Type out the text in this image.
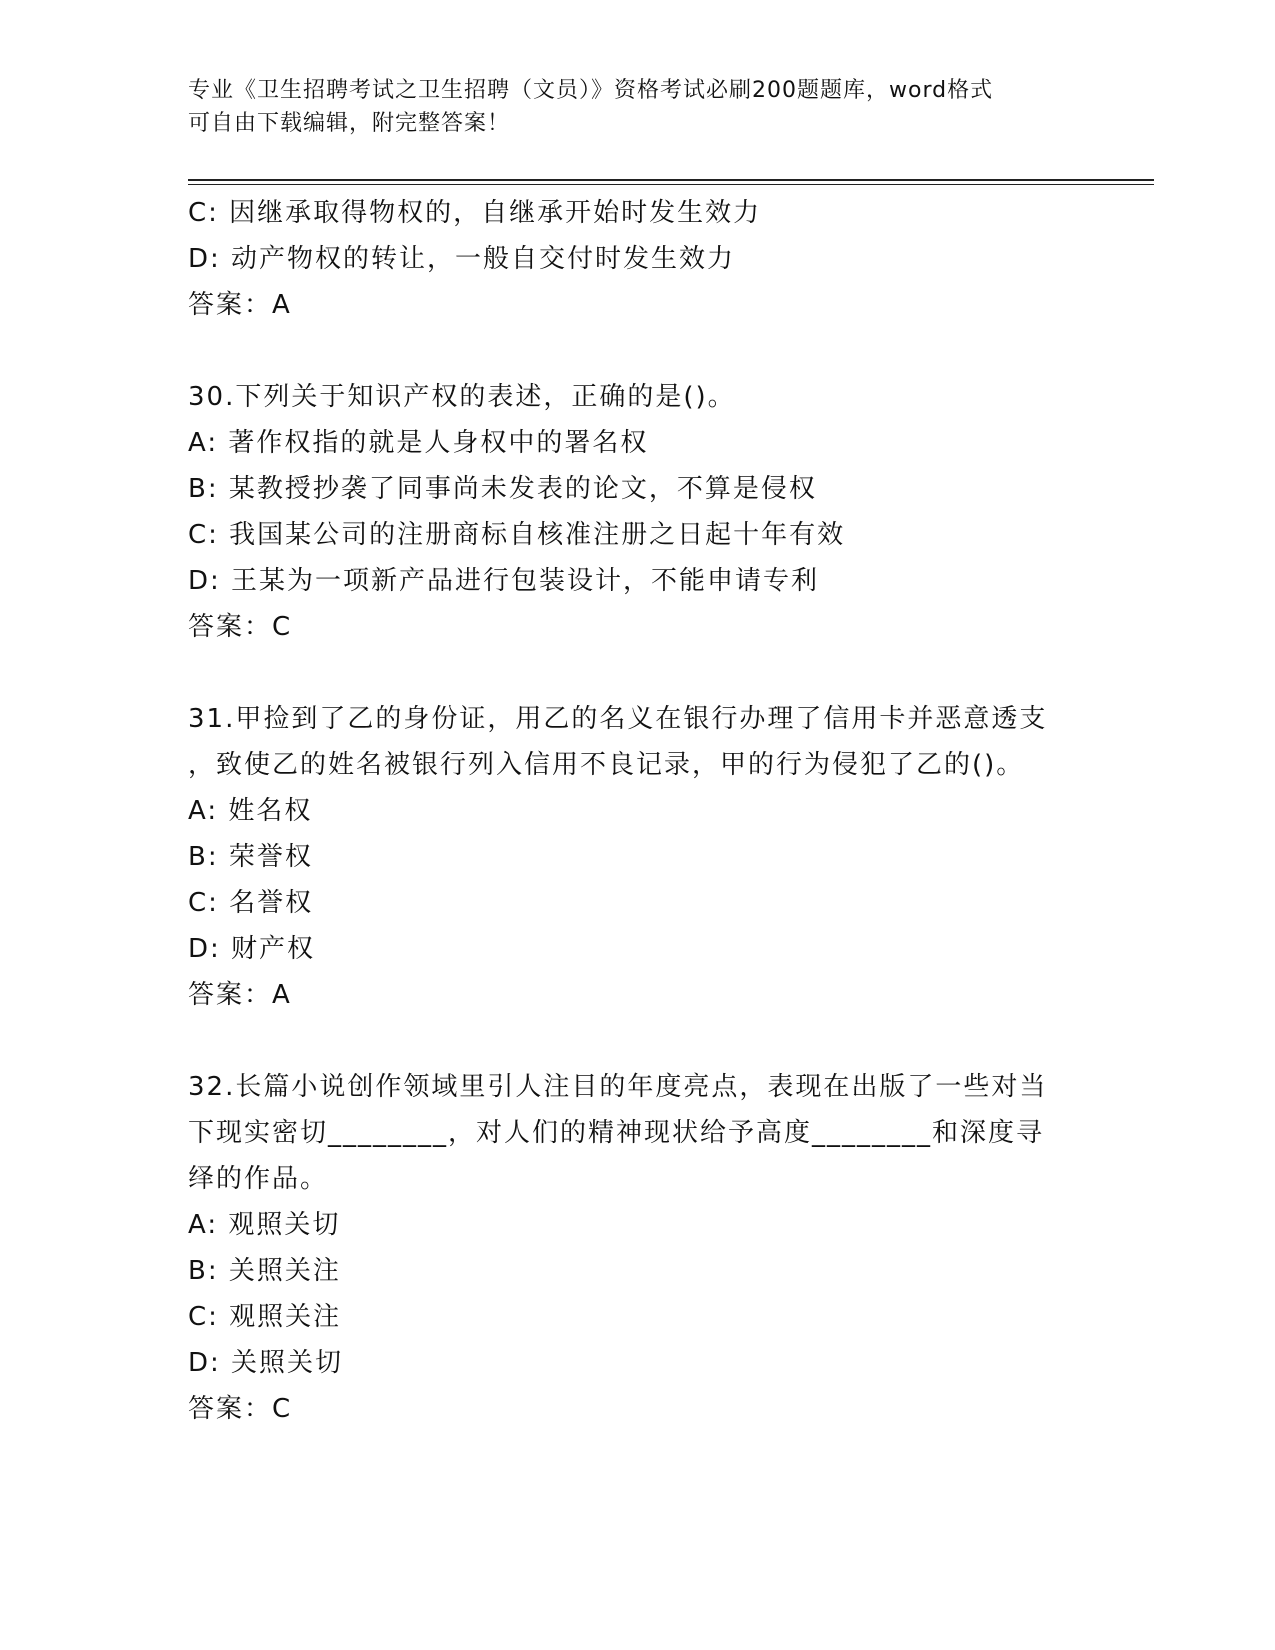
专业《卫生招聘考试之卫生招聘（文员）》资格考试必刷200题题库，word格式
可自由下载编辑，附完整答案！
C: 因继承取得物权的，自继承开始时发生效力
D: 动产物权的转让，一般自交付时发生效力
答案：A
30.下列关于知识产权的表述，正确的是()。
A: 著作权指的就是人身权中的署名权
B: 某教授抄袭了同事尚未发表的论文，不算是侵权
C: 我国某公司的注册商标自核准注册之日起十年有效
D: 王某为一项新产品进行包装设计，不能申请专利
答案：C
31.甲捡到了乙的身份证，用乙的名义在银行办理了信用卡并恶意透支
，致使乙的姓名被银行列入信用不良记录，甲的行为侵犯了乙的()。
A: 姓名权
B: 荣誉权
C: 名誉权
D: 财产权
答案：A
32.长篇小说创作领域里引人注目的年度亮点，表现在出版了一些对当
下现实密切________，对人们的精神现状给予高度________和深度寻
绎的作品。
A: 观照关切
B: 关照关注
C: 观照关注
D: 关照关切
答案：C
